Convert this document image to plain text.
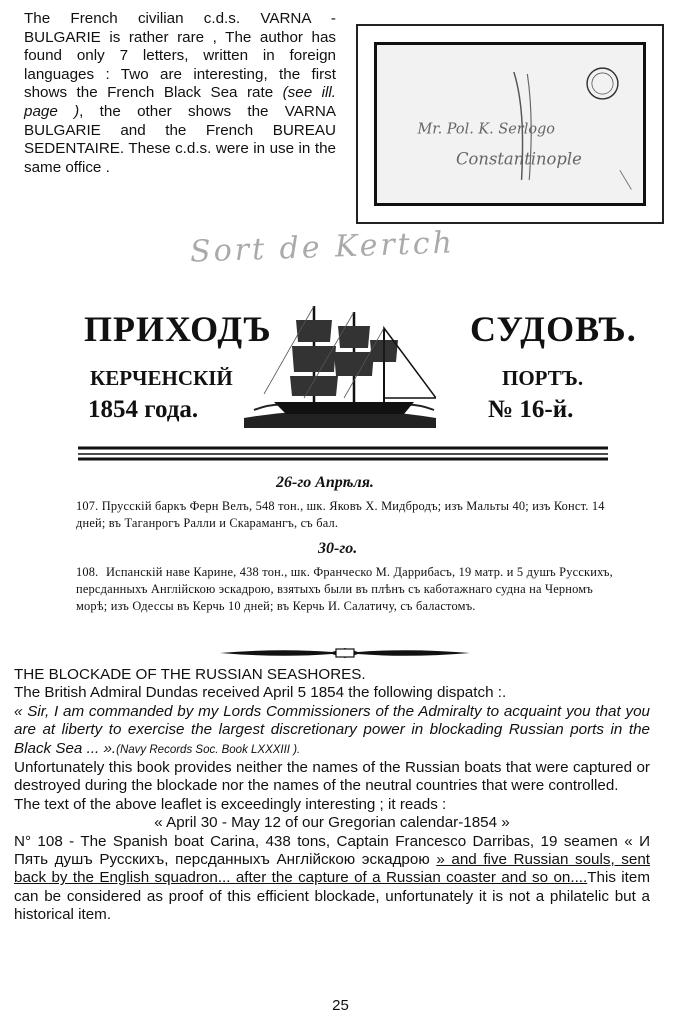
The French civilian c.d.s. VARNA - BULGARIE is rather rare , The author has found only 7 letters, written in foreign languages : Two are interesting, the first shows the French Black Sea rate (see ill. page ), the other shows the VARNA BULGARIE and the French BUREAU SEDENTAIRE. These c.d.s. were in use in the same office .
Mr. Pol. K. Serlogo
Constantinople
Sort de Kertch
ПРИХОДЪ	СУДОВЪ.
КЕРЧЕНСКІЙ	ПОРТЪ.
1854 года.	№ 16-й.
26-го Апрѣля.
107. Прусскій баркъ Ферн Велъ, 548 тон., шк. Яковъ Х. Мидбродъ; изъ Мальты 40; изъ Конст. 14 дней; въ Таганрогъ Ралли и Скарамангъ, съ бал.
30-го.
108. Испанскій наве Карине, 438 тон., шк. Франческо М. Даррибасъ, 19 матр. и 5 душъ Русскихъ, перcданныхъ Англійскою эскадрою, взятыхъ были въ плѣнъ съ каботажнаго судна на Черномъ морѣ; изъ Одессы въ Керчь 10 дней; въ Керчь И. Салатичу, съ баластомъ.

THE BLOCKADE OF THE RUSSIAN SEASHORES.

The British Admiral Dundas received April 5 1854 the following dispatch :.

« Sir, I am commanded by my Lords Commissioners of the Admiralty to acquaint you that you are at liberty to exercise the largest discretionary power in blockading Russian ports in the Black Sea ... ».(Navy Records Soc. Book LXXXIII ).

Unfortunately this book provides neither the names of the Russian boats that were captured or destroyed during the blockade nor the names of the neutral countries that were controlled.

The text of the above leaflet is exceedingly interesting ; it reads :

« April 30 - May 12 of our Gregorian calendar-1854 »

N° 108 - The Spanish boat Carina, 438 tons, Captain Francesco Darribas, 19 seamen « И Пять душъ Русскихъ, персданныхъ Англійскою эскадрою » and five Russian souls, sent back by the English squadron... after the capture of a Russian coaster and so on....This item can be considered as proof of this efficient blockade, unfortunately it is not a philatelic but a historical item.

25
